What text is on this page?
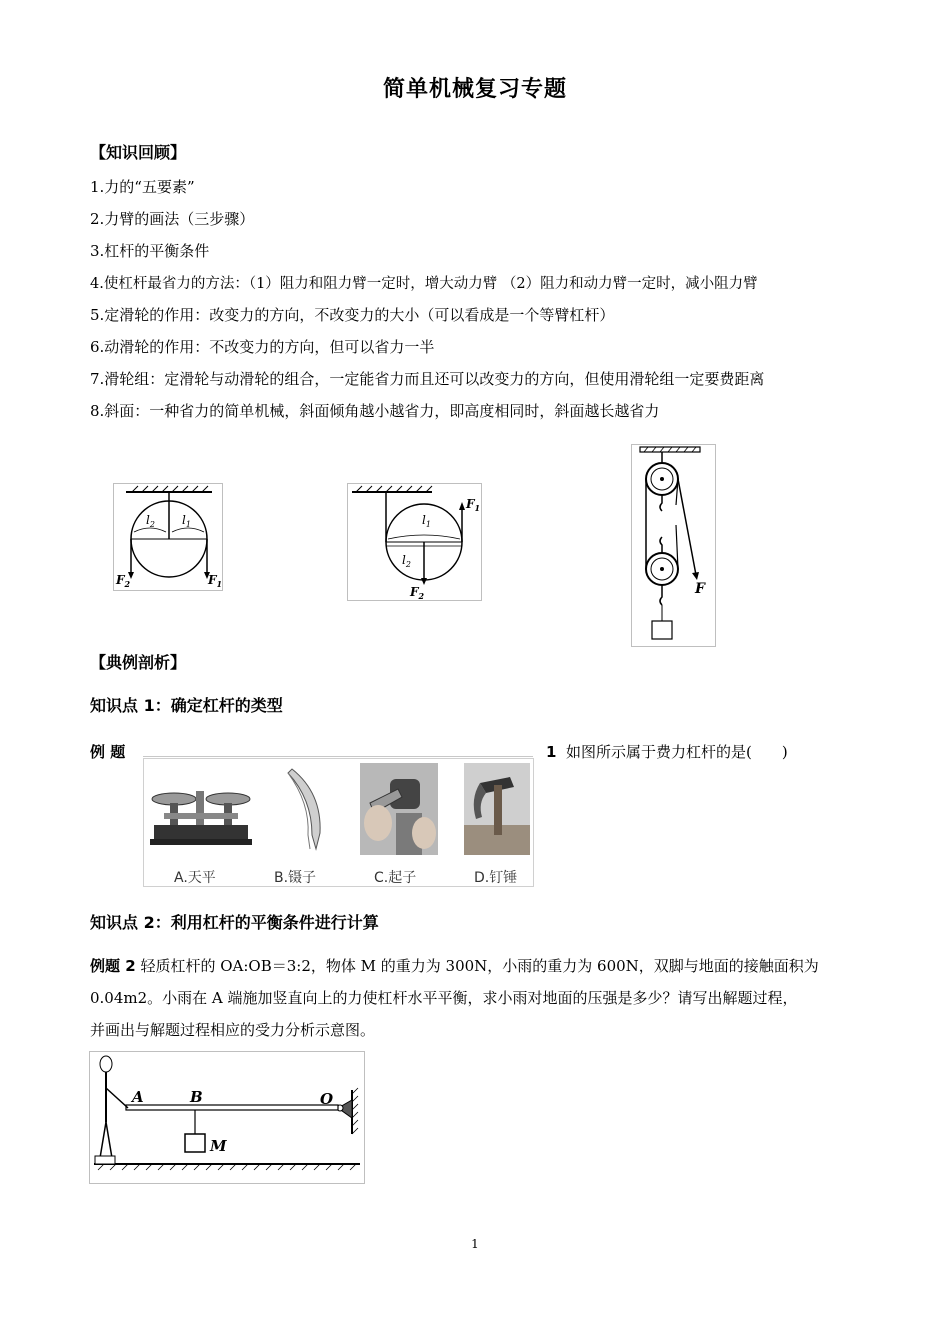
简单机械复习专题
【知识回顾】
1.力的“五要素”
2.力臂的画法（三步骤）
3.杠杆的平衡条件
4.使杠杆最省力的方法：（1）阻力和阻力臂一定时，增大动力臂 （2）阻力和动力臂一定时，减小阻力臂
5.定滑轮的作用：改变力的方向，不改变力的大小（可以看成是一个等臂杠杆）
6.动滑轮的作用：不改变力的方向，但可以省力一半
7.滑轮组：定滑轮与动滑轮的组合，一定能省力而且还可以改变力的方向，但使用滑轮组一定要费距离
8.斜面：一种省力的简单机械，斜面倾角越小越省力，即高度相同时，斜面越长越省力
$l_2$ $l_1$
$F_2$	$F_1$
$F_1$
$l_1$
$l_2$
$F_2$	F
【典例剖析】
知识点 1：确定杠杆的类型
例 题	1 如图所示属于费力杠杆的是(　　)
A.天平	B.镊子	C.起子	D.钉锤
知识点 2：利用杠杆的平衡条件进行计算
例题 2 轻质杠杆的 OA:OB＝3:2，物体 M 的重力为 300N，小雨的重力为 600N，双脚与地面的接触面积为
0.04m2。小雨在 A 端施加竖直向上的力使杠杆水平平衡，求小雨对地面的压强是多少？请写出解题过程，
并画出与解题过程相应的受力分析示意图。
A	B	O
M
1
